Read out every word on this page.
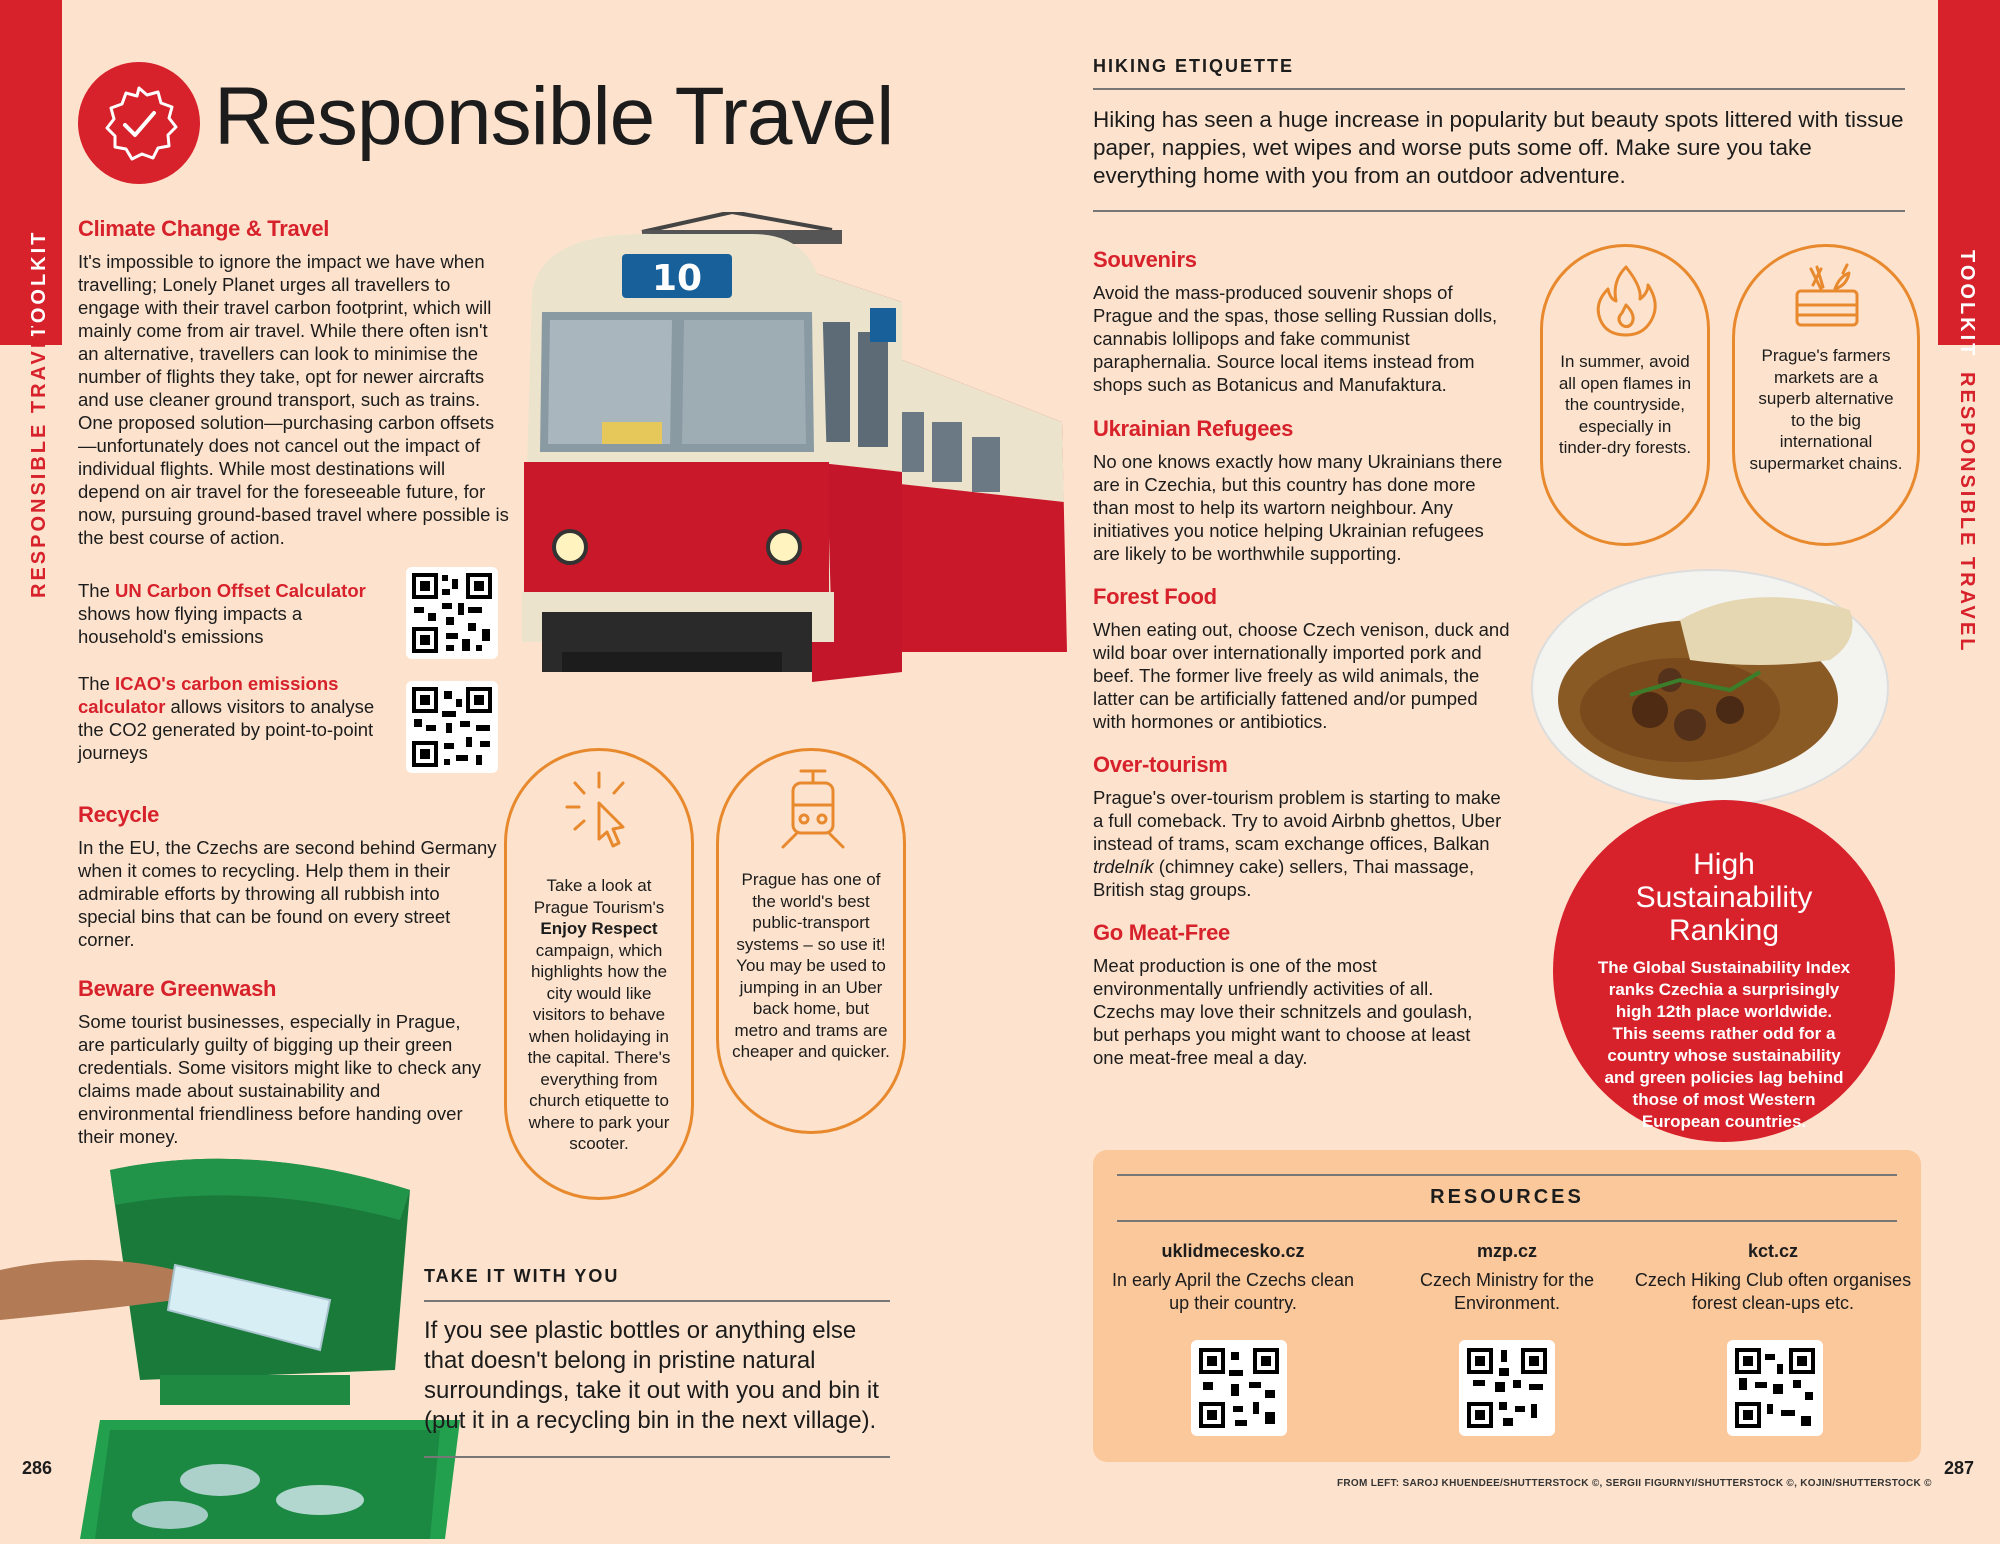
TOOLKIT
RESPONSIBLE TRAVEL
TOOLKIT
RESPONSIBLE TRAVEL
Responsible Travel
Climate Change & Travel
It's impossible to ignore the impact we have when travelling; Lonely Planet urges all travellers to engage with their travel carbon footprint, which will mainly come from air travel. While there often isn't an alternative, travellers can look to minimise the number of flights they take, opt for newer aircrafts and use cleaner ground transport, such as trains. One proposed solution—purchasing carbon offsets—unfortunately does not cancel out the impact of individual flights. While most destinations will depend on air travel for the foreseeable future, for now, pursuing ground-based travel where possible is the best course of action.
The UN Carbon Offset Calculator shows how flying impacts a household's emissions
The ICAO's carbon emissions calculator allows visitors to analyse the CO2 generated by point-to-point journeys
Recycle
In the EU, the Czechs are second behind Germany when it comes to recycling. Help them in their admirable efforts by throwing all rubbish into special bins that can be found on every street corner.
Beware Greenwash
Some tourist businesses, especially in Prague, are particularly guilty of bigging up their green credentials. Some visitors might like to check any claims made about sustainability and environmental friendliness before handing over their money.
10
Take a look at Prague Tourism's Enjoy Respect campaign, which highlights how the city would like visitors to behave when holidaying in the capital. There's everything from church etiquette to where to park your scooter.
Prague has one of the world's best public-transport systems – so use it! You may be used to jumping in an Uber back home, but metro and trams are cheaper and quicker.
TAKE IT WITH YOU
If you see plastic bottles or anything else that doesn't belong in pristine natural surroundings, take it out with you and bin it (put it in a recycling bin in the next village).
286
HIKING ETIQUETTE
Hiking has seen a huge increase in popularity but beauty spots littered with tissue paper, nappies, wet wipes and worse puts some off. Make sure you take everything home with you from an outdoor adventure.
Souvenirs
Avoid the mass-produced souvenir shops of Prague and the spas, those selling Russian dolls, cannabis lollipops and fake communist paraphernalia. Source local items instead from shops such as Botanicus and Manufaktura.
Ukrainian Refugees
No one knows exactly how many Ukrainians there are in Czechia, but this country has done more than most to help its wartorn neighbour. Any initiatives you notice helping Ukrainian refugees are likely to be worthwhile supporting.
Forest Food
When eating out, choose Czech venison, duck and wild boar over internationally imported pork and beef. The former live freely as wild animals, the latter can be artificially fattened and/or pumped with hormones or antibiotics.
Over-tourism
Prague's over-tourism problem is starting to make a full comeback. Try to avoid Airbnb ghettos, Uber instead of trams, scam exchange offices, Balkan trdelník (chimney cake) sellers, Thai massage, British stag groups.
Go Meat-Free
Meat production is one of the most environmentally unfriendly activities of all. Czechs may love their schnitzels and goulash, but perhaps you might want to choose at least one meat-free meal a day.
In summer, avoid all open flames in the countryside, especially in tinder-dry forests.
Prague's farmers markets are a superb alternative to the big international supermarket chains.
High Sustainability Ranking
The Global Sustainability Index ranks Czechia a surprisingly high 12th place worldwide. This seems rather odd for a country whose sustainability and green policies lag behind those of most Western European countries.
RESOURCES
uklidmecesko.cz
In early April the Czechs clean up their country.
mzp.cz
Czech Ministry for the Environment.
kct.cz
Czech Hiking Club often organises forest clean-ups etc.
FROM LEFT: SAROJ KHUENDEE/SHUTTERSTOCK ©, SERGII FIGURNYI/SHUTTERSTOCK ©, KOJIN/SHUTTERSTOCK ©
287
